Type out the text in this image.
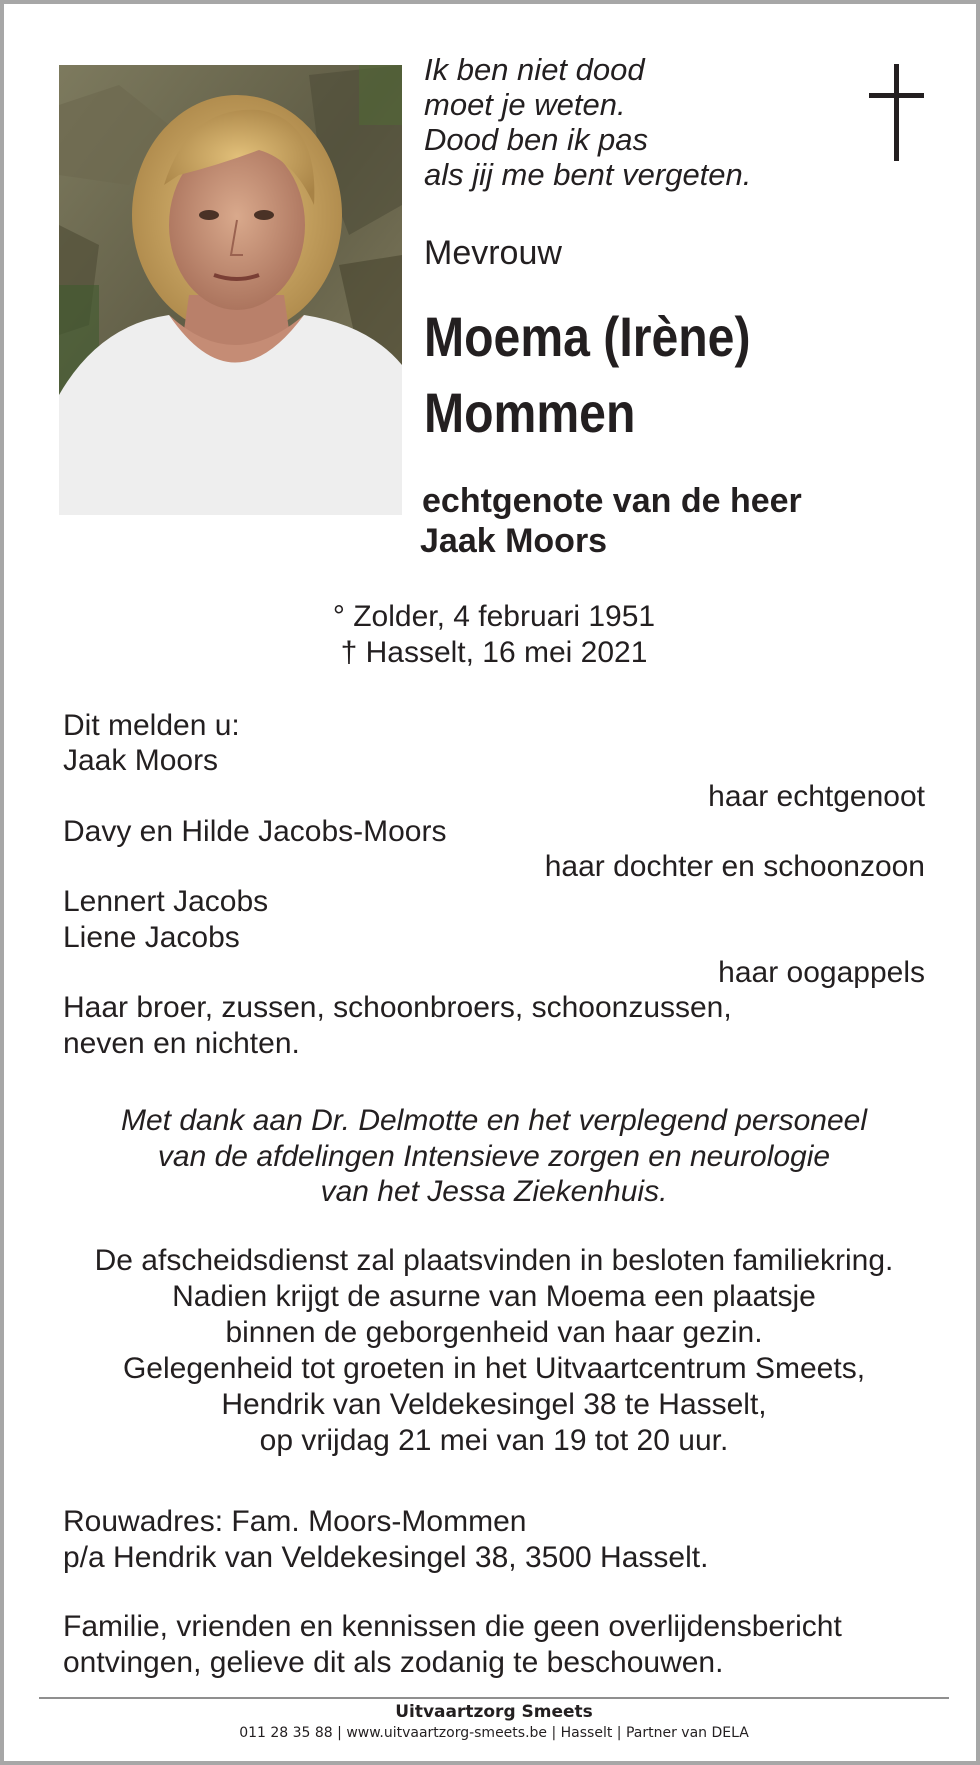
Ik ben niet dood
moet je weten.
Dood ben ik pas
als jij me bent vergeten.
Mevrouw
Moema (Irène)
Mommen
echtgenote van de heer
Jaak Moors
° Zolder, 4 februari 1951
† Hasselt, 16 mei 2021
Dit melden u:
Jaak Moors
haar echtgenoot
Davy en Hilde Jacobs-Moors
haar dochter en schoonzoon
Lennert Jacobs
Liene Jacobs
haar oogappels
Haar broer, zussen, schoonbroers, schoonzussen,
neven en nichten.
Met dank aan Dr. Delmotte en het verplegend personeel
van de afdelingen Intensieve zorgen en neurologie
van het Jessa Ziekenhuis.
De afscheidsdienst zal plaatsvinden in besloten familiekring.
Nadien krijgt de asurne van Moema een plaatsje
binnen de geborgenheid van haar gezin.
Gelegenheid tot groeten in het Uitvaartcentrum Smeets,
Hendrik van Veldekesingel 38 te Hasselt,
op vrijdag 21 mei van 19 tot 20 uur.
Rouwadres: Fam. Moors-Mommen
p/a Hendrik van Veldekesingel 38, 3500 Hasselt.
Familie, vrienden en kennissen die geen overlijdensbericht
ontvingen, gelieve dit als zodanig te beschouwen.
Uitvaartzorg Smeets
011 28 35 88 | www.uitvaartzorg-smeets.be | Hasselt | Partner van DELA
